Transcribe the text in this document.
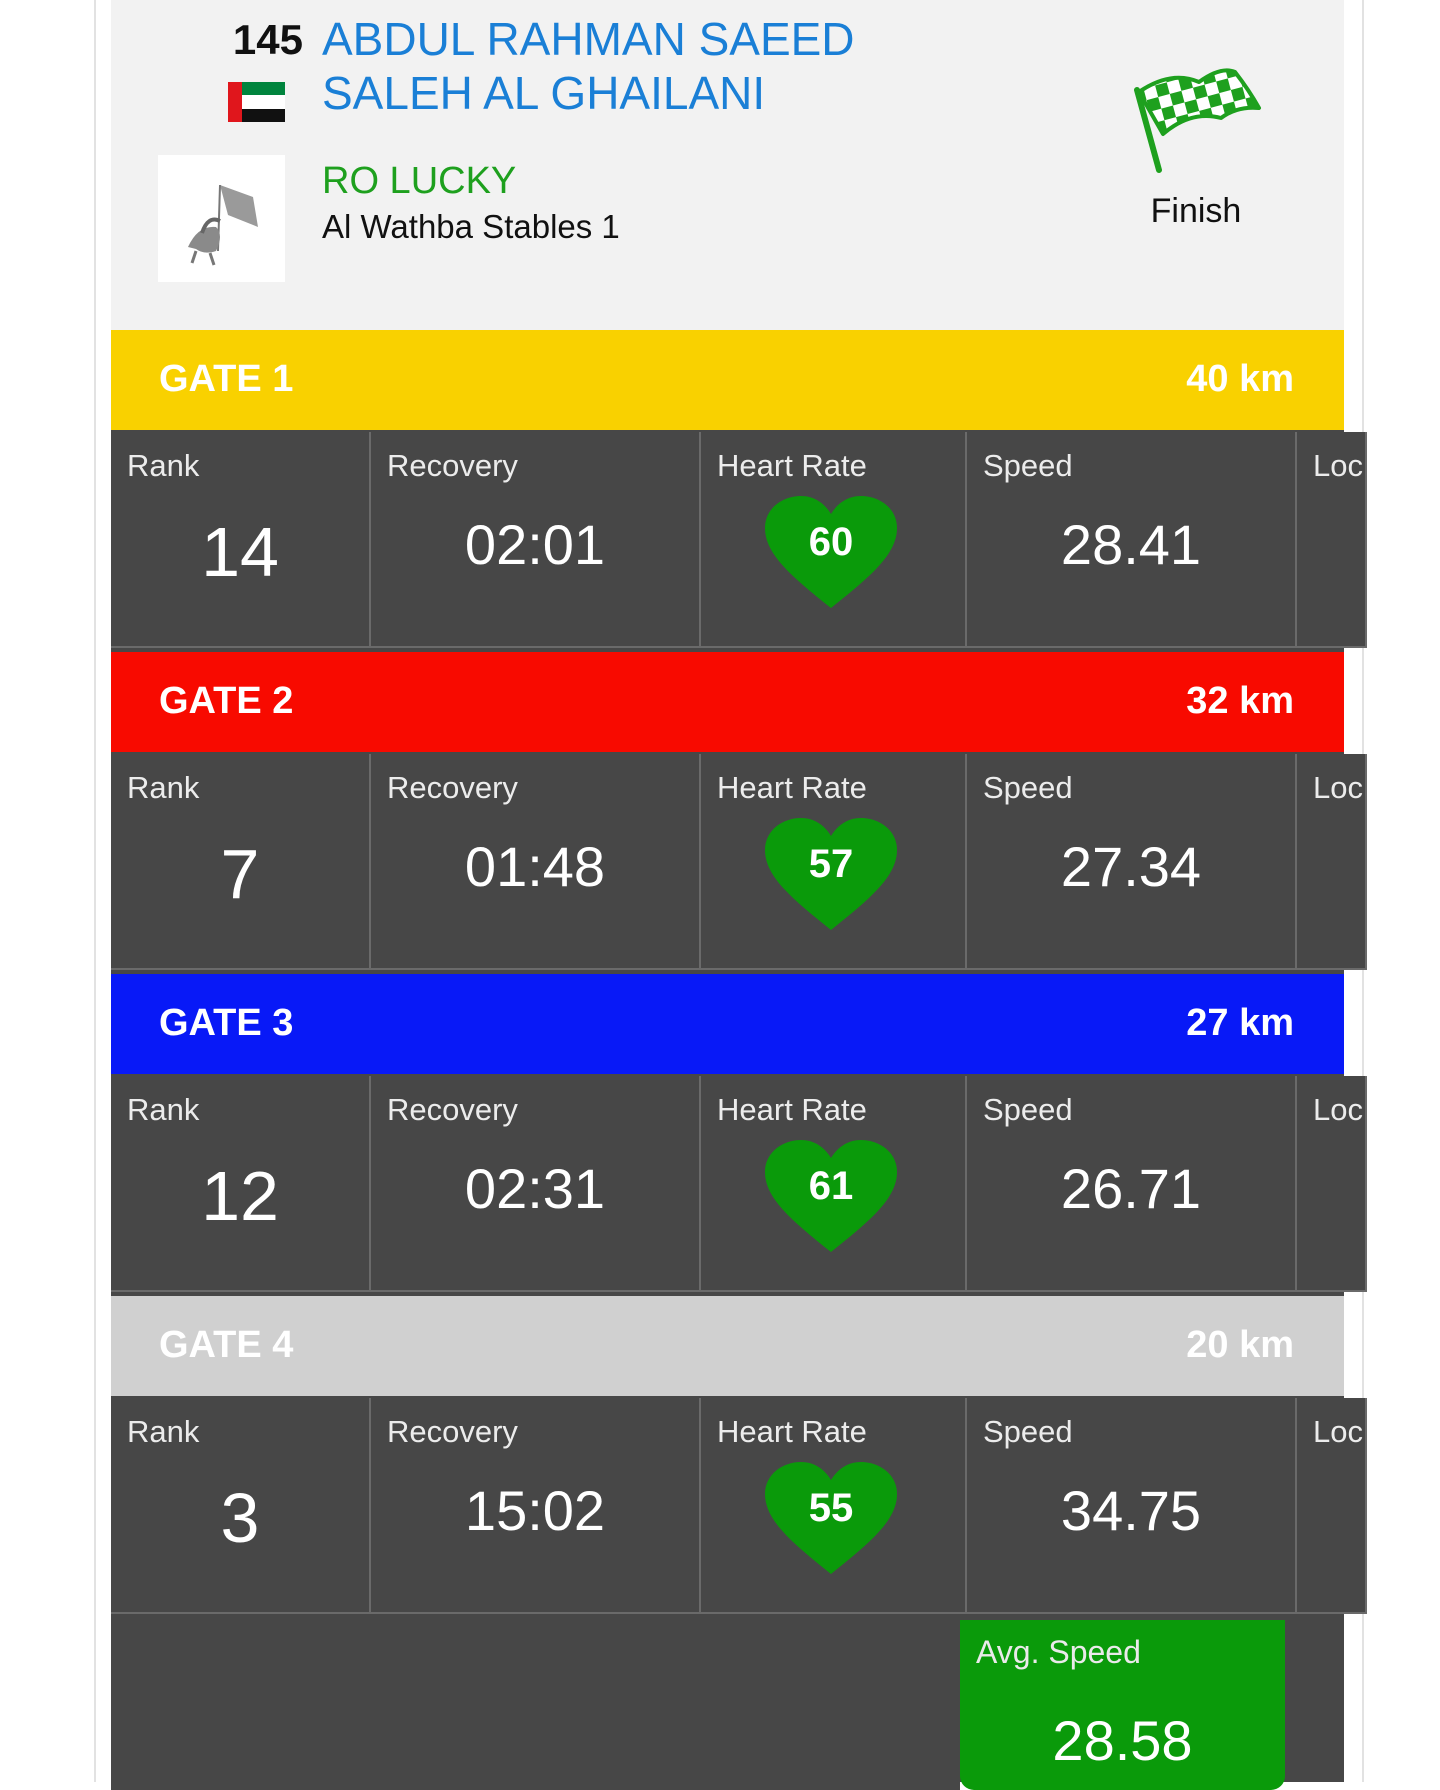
145 ABDUL RAHMAN SAEED
SALEH AL GHAILANI
RO LUCKY
Al Wathba Stables 1	Finish
GATE 1	40 km
Rank
14
Recovery
02:01
Heart Rate
60
Speed
28.41
Loc
GATE 2	32 km
Rank
7
Recovery
01:48
Heart Rate
57
Speed
27.34
Loc
GATE 3	27 km
Rank
12
Recovery
02:31
Heart Rate
61
Speed
26.71
Loc
GATE 4	20 km
Rank
3
Recovery
15:02
Heart Rate
55
Speed
34.75
Loc
Avg. Speed
28.58
